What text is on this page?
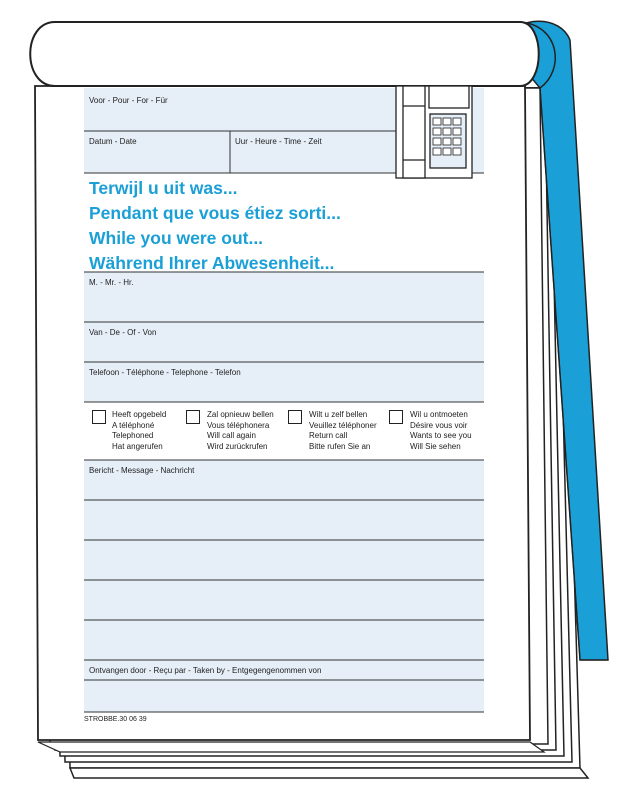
Voor - Pour - For - Für
Datum - Date	Uur - Heure - Time - Zeit
Terwijl u uit was...
Pendant que vous étiez sorti...
While you were out...
Während Ihrer Abwesenheit...
M. - Mr. - Hr.
Van - De - Of - Von
Telefoon - Téléphone - Telephone - Telefon
Heeft opgebeld
A téléphoné
Telephoned
Hat angerufen
Zal opnieuw bellen
Vous téléphonera
Will call again
Wird zurückrufen
Wilt u zelf bellen
Veuillez téléphoner
Return call
Bitte rufen Sie an
Wil u ontmoeten
Désire vous voir
Wants to see you
Will Sie sehen
Bericht - Message - Nachricht
Ontvangen door - Reçu par - Taken by - Entgegengenommen von
STROBBE.30 06 39
